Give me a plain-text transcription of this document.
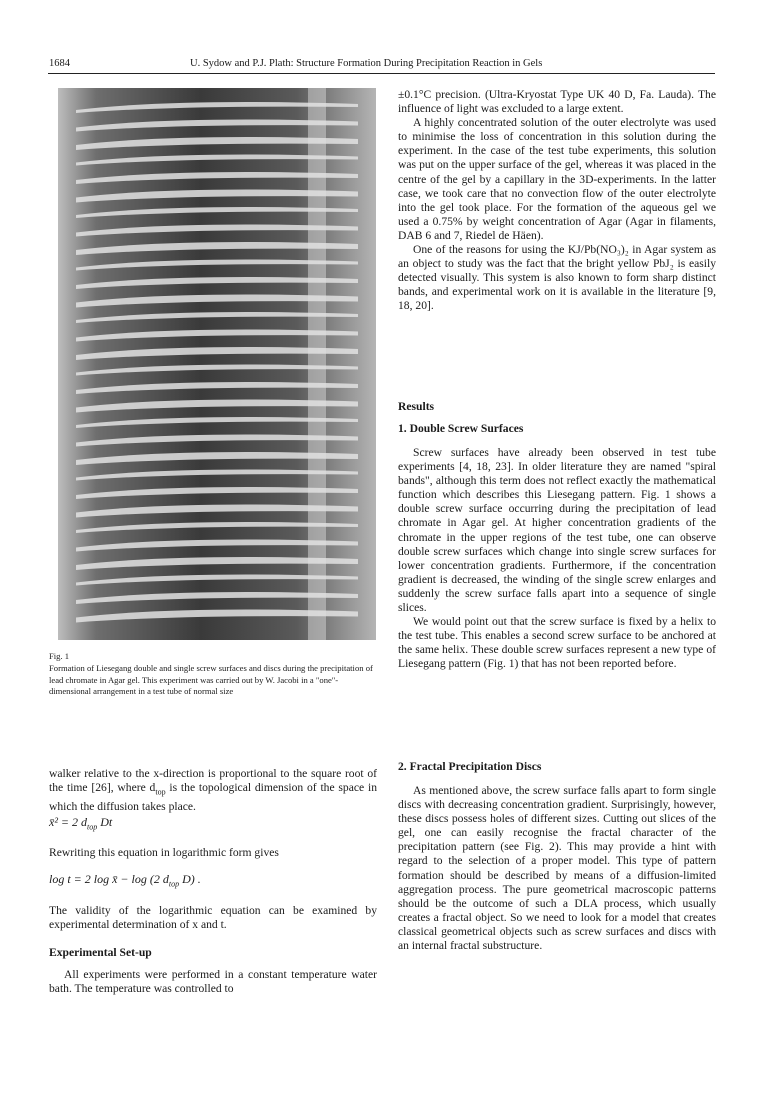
1684	U. Sydow and P.J. Plath: Structure Formation During Precipitation Reaction in Gels
Fig. 1
Formation of Liesegang double and single screw surfaces and discs during the precipitation of lead chromate in Agar gel. This experiment was carried out by W. Jacobi in a "one"-dimensional arrangement in a test tube of normal size

walker relative to the x-direction is proportional to the square root of the time [26], where $d_{top}$ is the topological dimension of the space in which the diffusion takes place.

x̄² = 2 $d_{top}$ Dt

Rewriting this equation in logarithmic form gives

log t = 2 log x̄ − log (2 $d_{top}$ D) .

The validity of the logarithmic equation can be examined by experimental determination of x and t.

Experimental Set-up

All experiments were performed in a constant temperature water bath. The temperature was controlled to

±0.1°C precision. (Ultra-Kryostat Type UK 40 D, Fa. Lauda). The influence of light was excluded to a large extent.

A highly concentrated solution of the outer electrolyte was used to minimise the loss of concentration in this solution during the experiment. In the case of the test tube experiments, this solution was put on the upper surface of the gel, whereas it was placed in the centre of the gel by a capillary in the 3D-experiments. In the latter case, we took care that no convection flow of the outer electrolyte into the gel took place. For the formation of the aqueous gel we used a 0.75% by weight concentration of Agar (Agar in filaments, DAB 6 and 7, Riedel de Häen).

One of the reasons for using the KJ/Pb(NO₃)₂ in Agar system as an object to study was the fact that the bright yellow PbJ₂ is easily detected visually. This system is also known to form sharp distinct bands, and experimental work on it is available in the literature [9, 18, 20].

Results
1. Double Screw Surfaces

Screw surfaces have already been observed in test tube experiments [4, 18, 23]. In older literature they are named "spiral bands", although this term does not reflect exactly the mathematical function which describes this Liesegang pattern. Fig. 1 shows a double screw surface occurring during the precipitation of lead chromate in Agar gel. At higher concentration gradients of the chromate in the upper regions of the test tube, one can observe double screw surfaces which change into single screw surfaces for lower concentration gradients. Furthermore, if the concentration gradient is decreased, the winding of the single screw enlarges and suddenly the screw surface falls apart into a sequence of single slices.

We would point out that the screw surface is fixed by a helix to the test tube. This enables a second screw surface to be anchored at the same helix. These double screw surfaces represent a new type of Liesegang pattern (Fig. 1) that has not been reported before.

2. Fractal Precipitation Discs

As mentioned above, the screw surface falls apart to form single discs with decreasing concentration gradient. Surprisingly, however, these discs possess holes of different sizes. Cutting out slices of the gel, one can easily recognise the fractal character of the precipitation pattern (see Fig. 2). This may provide a hint with regard to the selection of a proper model. This type of pattern formation should be described by means of a diffusion-limited aggregation process. The pure geometrical macroscopic patterns should be the outcome of such a DLA process, which usually creates a fractal object. So we need to look for a model that creates classical geometrical objects such as screw surfaces and discs with an internal fractal substructure.
